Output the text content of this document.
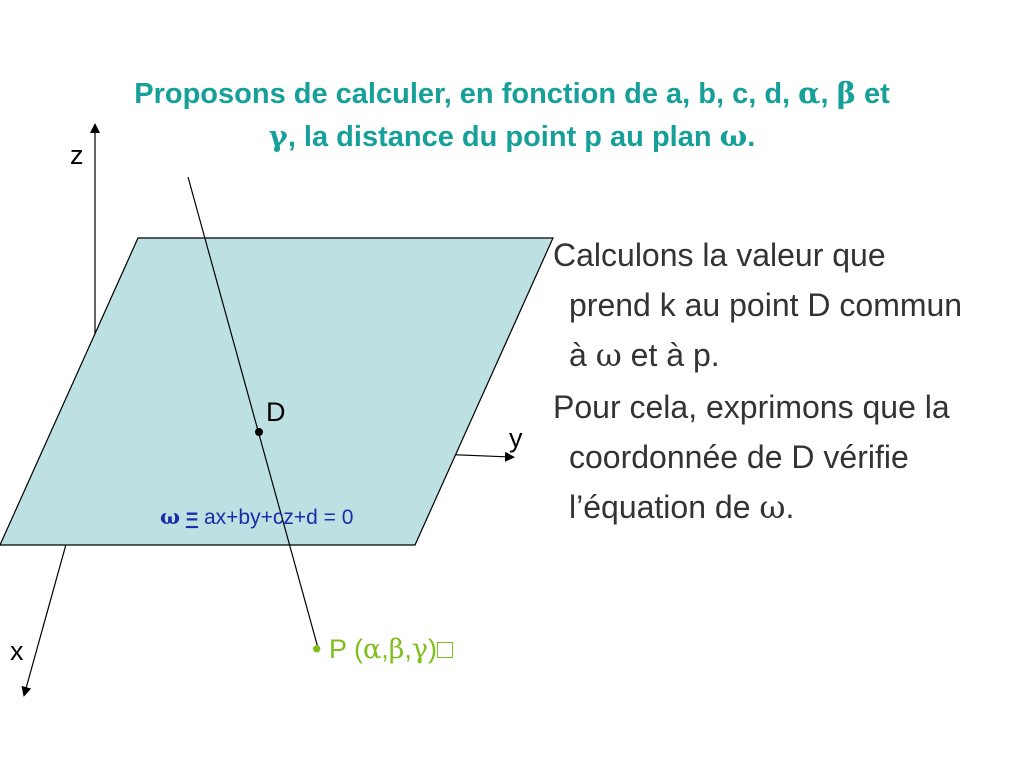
Proposons de calculer, en fonction de a, b, c, d, α, β et
γ, la distance du point p au plan ω.
D
z
y
x
ω = ax+by+cz+d = 0
• P (α,β,γ)□
Calculons la valeur que prend k au point D commun à ω et à p.
Pour cela, exprimons que la coordonnée de D vérifie l’équation de ω.
